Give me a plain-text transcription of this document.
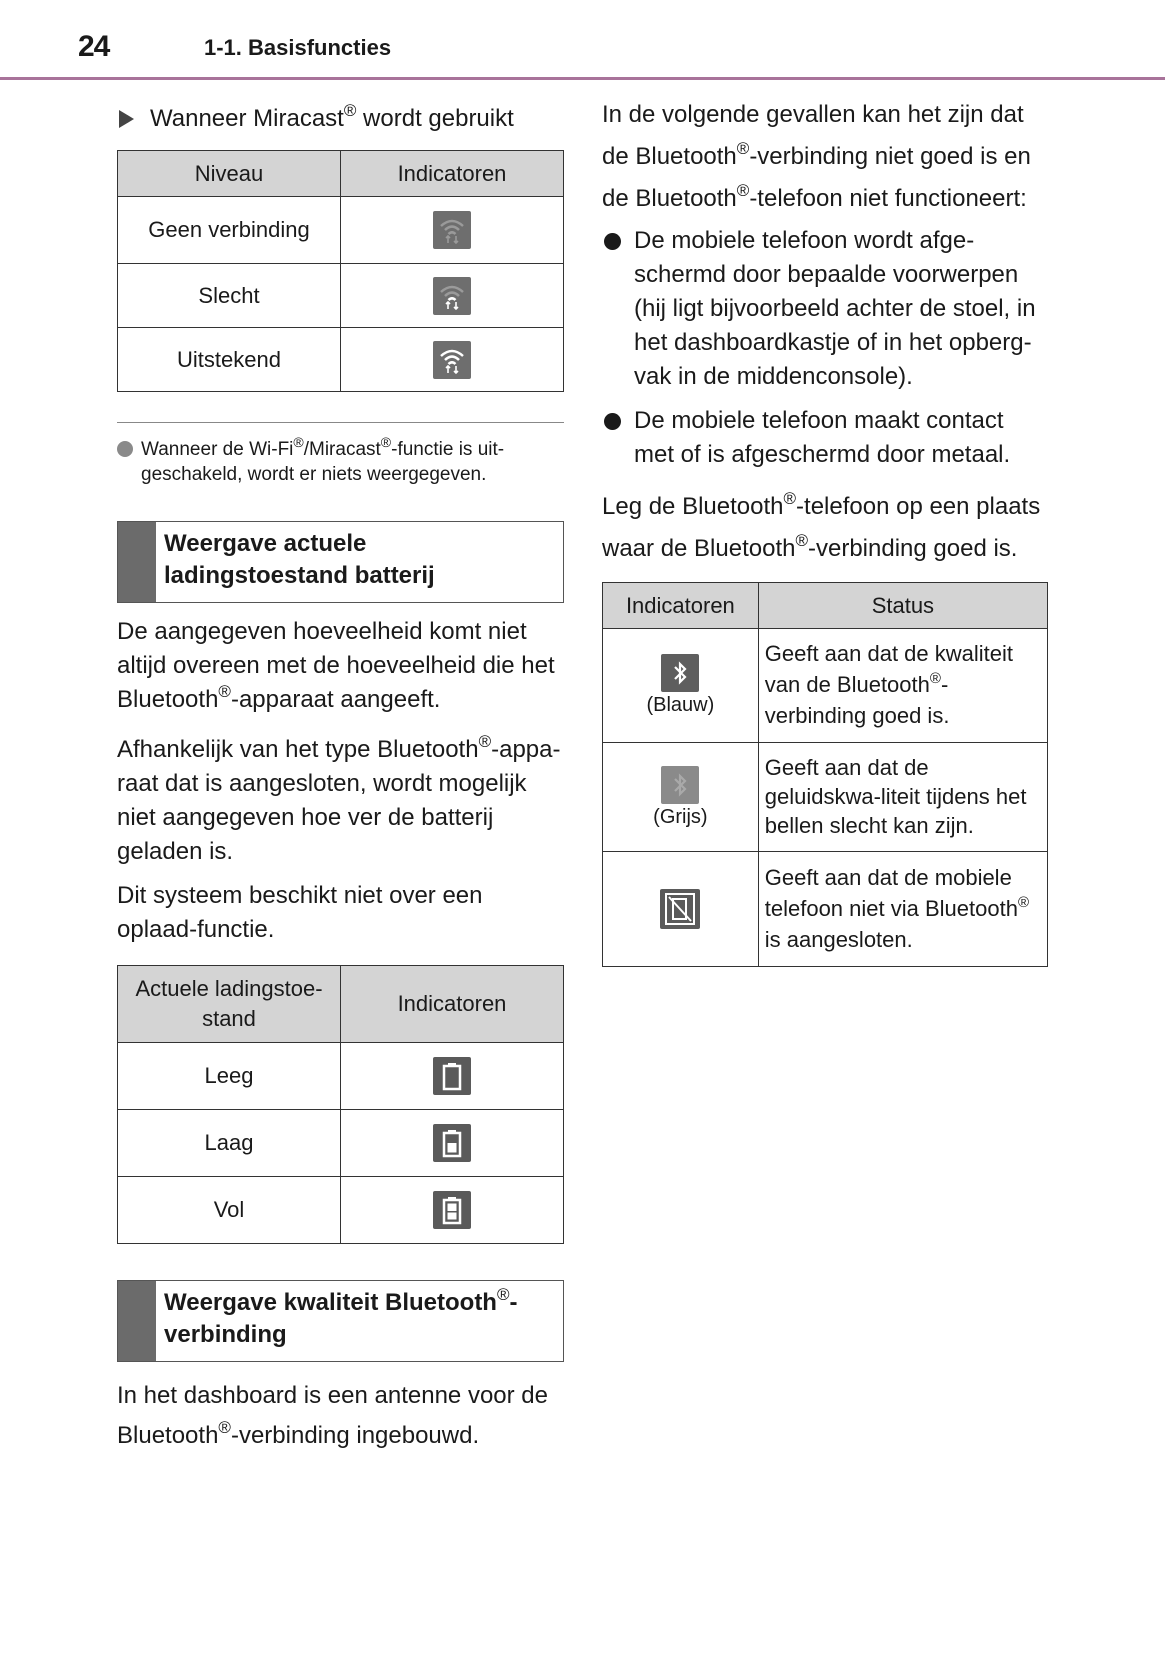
24	1-1. Basisfuncties
Wanneer Miracast® wordt gebruikt
Niveau	Indicatoren
Geen verbinding	

Slecht	

Uitstekend	
Wanneer de Wi-Fi®/Miracast®-functie is uit-geschakeld, wordt er niets weergegeven.
Weergave actuele ladingstoestand batterij

De aangegeven hoeveelheid komt niet altijd overeen met de hoeveelheid die het Bluetooth®-apparaat aangeeft.

Afhankelijk van het type Bluetooth®-appa-raat dat is aangesloten, wordt mogelijk niet aangegeven hoe ver de batterij geladen is.

Dit systeem beschikt niet over een oplaad-functie.

Actuele ladingstoe-stand	Indicatoren
Leeg	

Laag	

Vol	
Weergave kwaliteit Bluetooth®-verbinding

In het dashboard is een antenne voor de Bluetooth®-verbinding ingebouwd.

In de volgende gevallen kan het zijn dat de Bluetooth®-verbinding niet goed is en de Bluetooth®-telefoon niet functioneert:

De mobiele telefoon wordt afge-schermd door bepaalde voorwerpen (hij ligt bijvoorbeeld achter de stoel, in het dashboardkastje of in het opberg-vak in de middenconsole).
De mobiele telefoon maakt contact met of is afgeschermd door metaal.

Leg de Bluetooth®-telefoon op een plaats waar de Bluetooth®-verbinding goed is.

Indicatoren	Status

(Blauw)	Geeft aan dat de kwaliteit van de Bluetooth®-verbinding goed is.

(Grijs)	Geeft aan dat de geluidskwa-liteit tijdens het bellen slecht kan zijn.

	Geeft aan dat de mobiele telefoon niet via Bluetooth® is aangesloten.
